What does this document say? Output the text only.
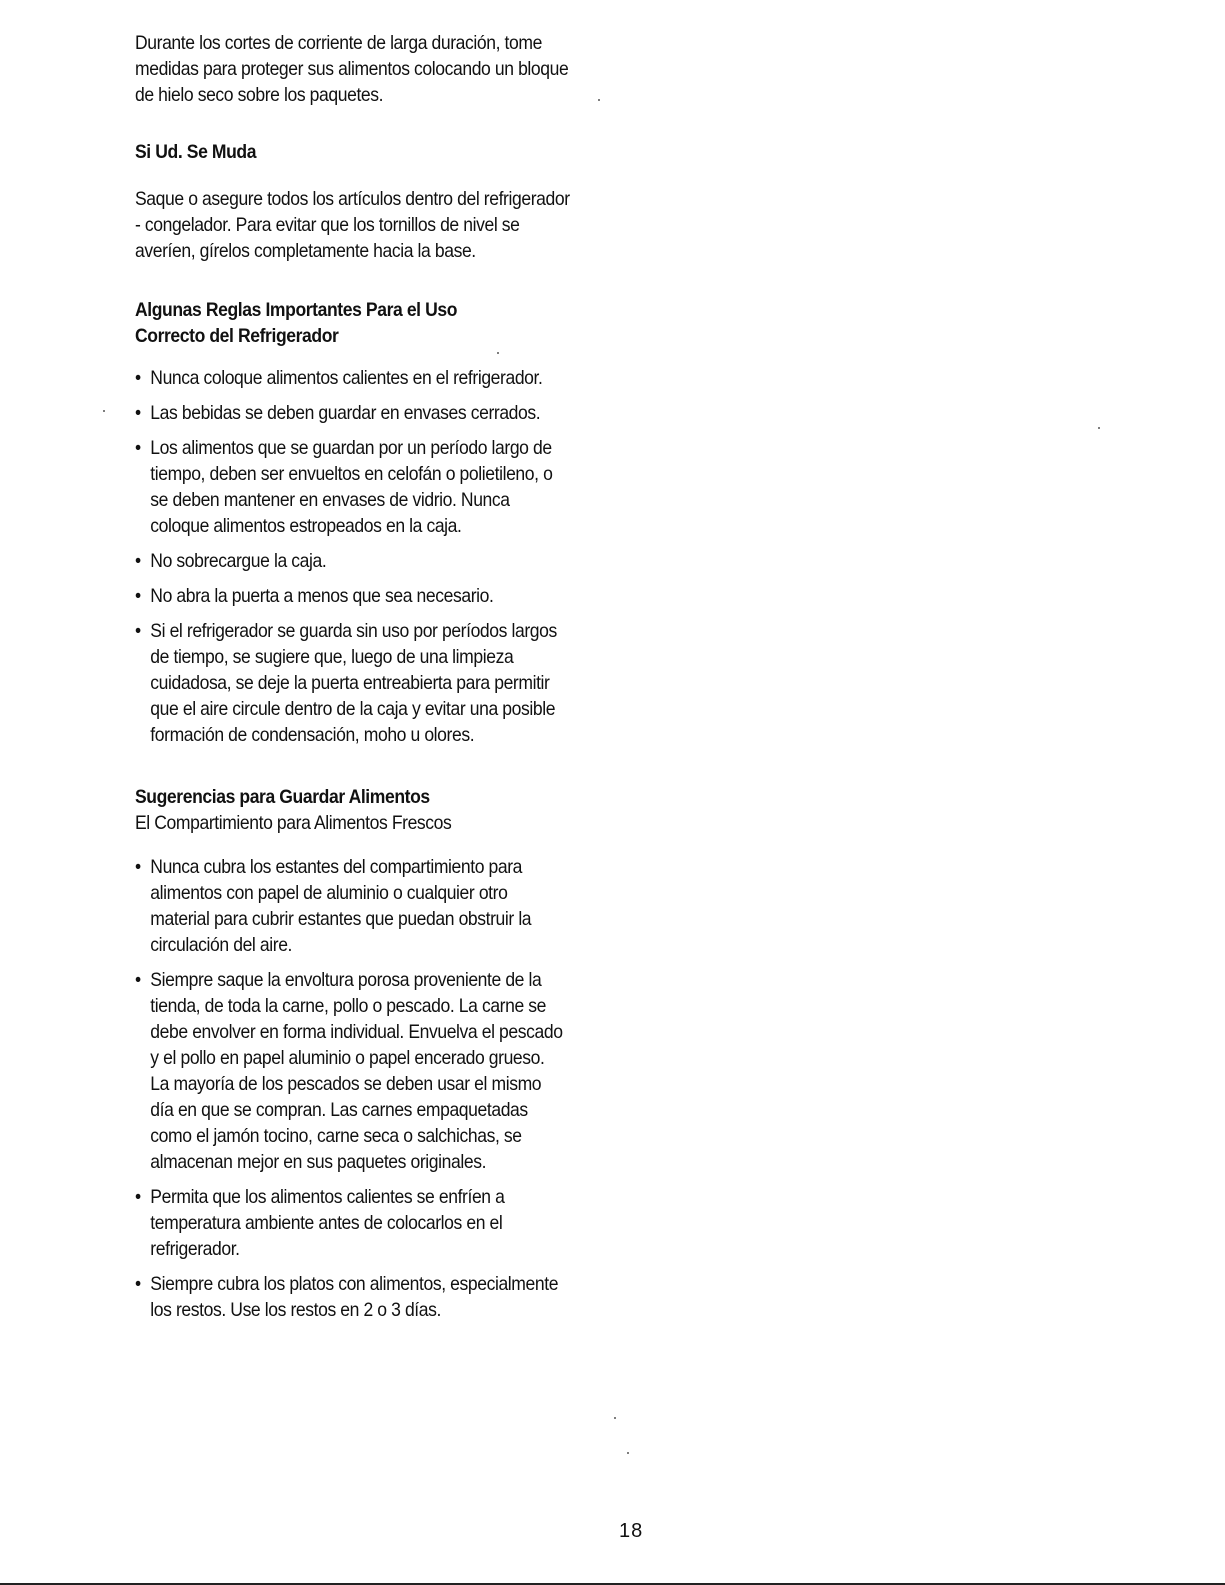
Durante los cortes de corriente de larga duración, tome medidas para proteger sus alimentos colocando un bloque de hielo seco sobre los paquetes.

Si Ud. Se Muda

Saque o asegure todos los artículos dentro del refrigerador - congelador. Para evitar que los tornillos de nivel se averíen, gírelos completamente hacia la base.

Algunas Reglas Importantes Para el Uso

Correcto del Refrigerador

• Nunca coloque alimentos calientes en el refrigerador.
• Las bebidas se deben guardar en envases cerrados.
• Los alimentos que se guardan por un período largo de tiempo, deben ser envueltos en celofán o polietileno, o se deben mantener en envases de vidrio. Nunca coloque alimentos estropeados en la caja.
• No sobrecargue la caja.
• No abra la puerta a menos que sea necesario.
• Si el refrigerador se guarda sin uso por períodos largos de tiempo, se sugiere que, luego de una limpieza cuidadosa, se deje la puerta entreabierta para permitir que el aire circule dentro de la caja y evitar una posible formación de condensación, moho u olores.

Sugerencias para Guardar Alimentos

El Compartimiento para Alimentos Frescos

• Nunca cubra los estantes del compartimiento para alimentos con papel de aluminio o cualquier otro material para cubrir estantes que puedan obstruir la circulación del aire.
• Siempre saque la envoltura porosa proveniente de la tienda, de toda la carne, pollo o pescado. La carne se debe envolver en forma individual. Envuelva el pescado y el pollo en papel aluminio o papel encerado grueso. La mayoría de los pescados se deben usar el mismo día en que se compran. Las carnes empaquetadas como el jamón tocino, carne seca o salchichas, se almacenan mejor en sus paquetes originales.
• Permita que los alimentos calientes se enfríen a temperatura ambiente antes de colocarlos en el refrigerador.
• Siempre cubra los platos con alimentos, especialmente los restos. Use los restos en 2 o 3 días.
18
